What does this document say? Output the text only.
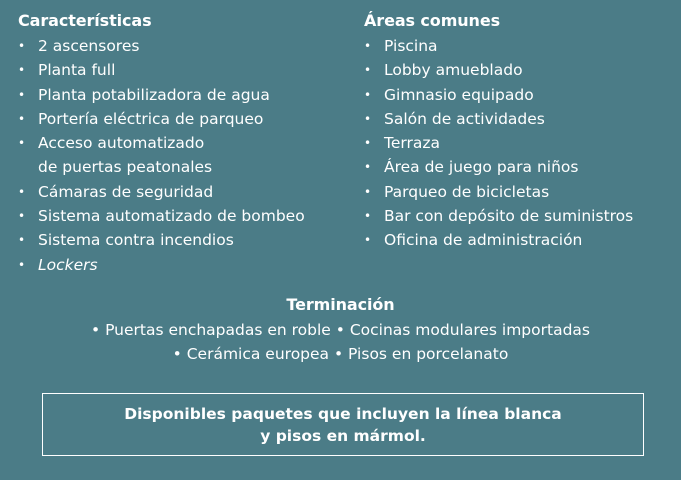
Características
• 2 ascensores
• Planta full
• Planta potabilizadora de agua
• Portería eléctrica de parqueo
• Acceso automatizado
de puertas peatonales
• Cámaras de seguridad
• Sistema automatizado de bombeo
• Sistema contra incendios
• Lockers
Áreas comunes
• Piscina
• Lobby amueblado
• Gimnasio equipado
• Salón de actividades
• Terraza
• Área de juego para niños
• Parqueo de bicicletas
• Bar con depósito de suministros
• Oficina de administración
Terminación
• Puertas enchapadas en roble • Cocinas modulares importadas
• Cerámica europea • Pisos en porcelanato
Disponibles paquetes que incluyen la línea blanca
y pisos en mármol.
